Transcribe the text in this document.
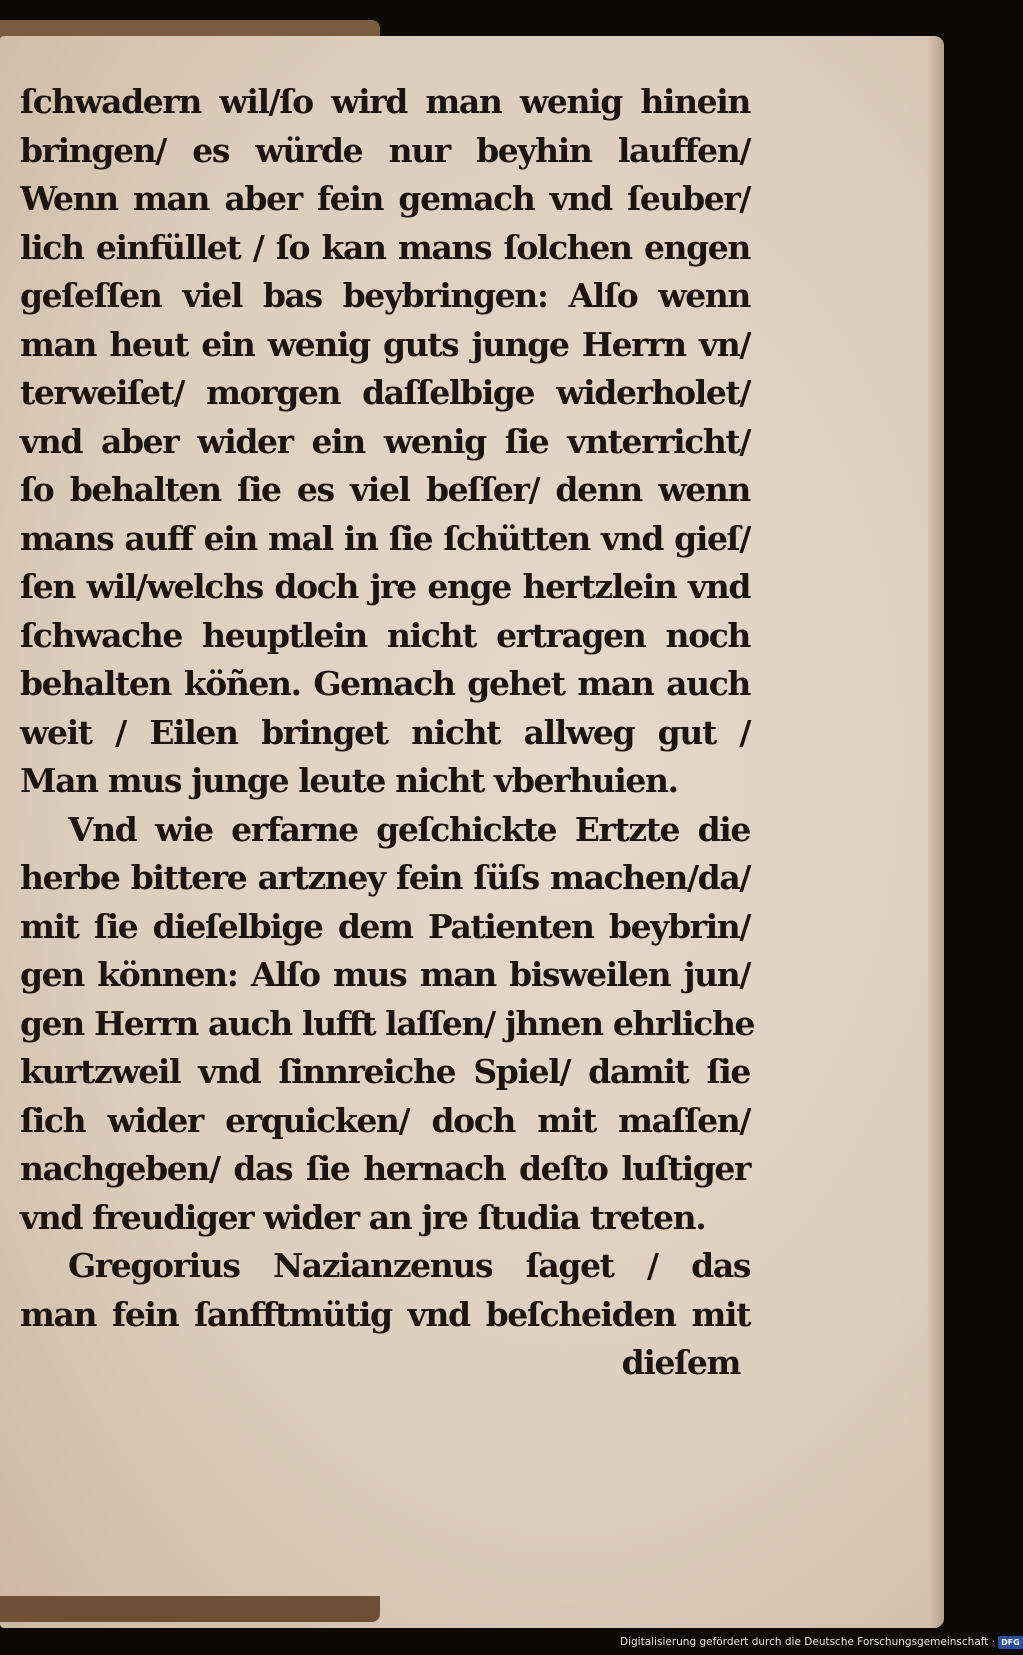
ſchwadern wil/ſo wird man wenig hinein
bringen/ es würde nur beyhin lauffen/
Wenn man aber fein gemach vnd ſeuber/
lich einfüllet / ſo kan mans ſolchen engen
geſeſſen viel bas beybringen: Alſo wenn
man heut ein wenig guts junge Herrn vn/
terweiſet/ morgen daſſelbige widerholet/
vnd aber wider ein wenig ſie vnterricht/
ſo behalten ſie es viel beſſer/ denn wenn
mans auff ein mal in ſie ſchütten vnd gieſ/
ſen wil/welchs doch jre enge hertzlein vnd
ſchwache heuptlein nicht ertragen noch
behalten köñen. Gemach gehet man auch
weit / Eilen bringet nicht allweg gut /
Man mus junge leute nicht vberhuien.
Vnd wie erfarne geſchickte Ertzte die
herbe bittere artzney fein ſüſs machen/da/
mit ſie dieſelbige dem Patienten beybrin/
gen können: Alſo mus man bisweilen jun/
gen Herrn auch lufft laſſen/ jhnen ehrliche
kurtzweil vnd ſinnreiche Spiel/ damit ſie
ſich wider erquicken/ doch mit maſſen/
nachgeben/ das ſie hernach deſto luſtiger
vnd freudiger wider an jre ſtudia treten.
Gregorius Nazianzenus ſaget / das
man fein ſanfftmütig vnd beſcheiden mit
dieſem
Digitalisierung gefördert durch die Deutsche Forschungsgemeinschaft · DFG
